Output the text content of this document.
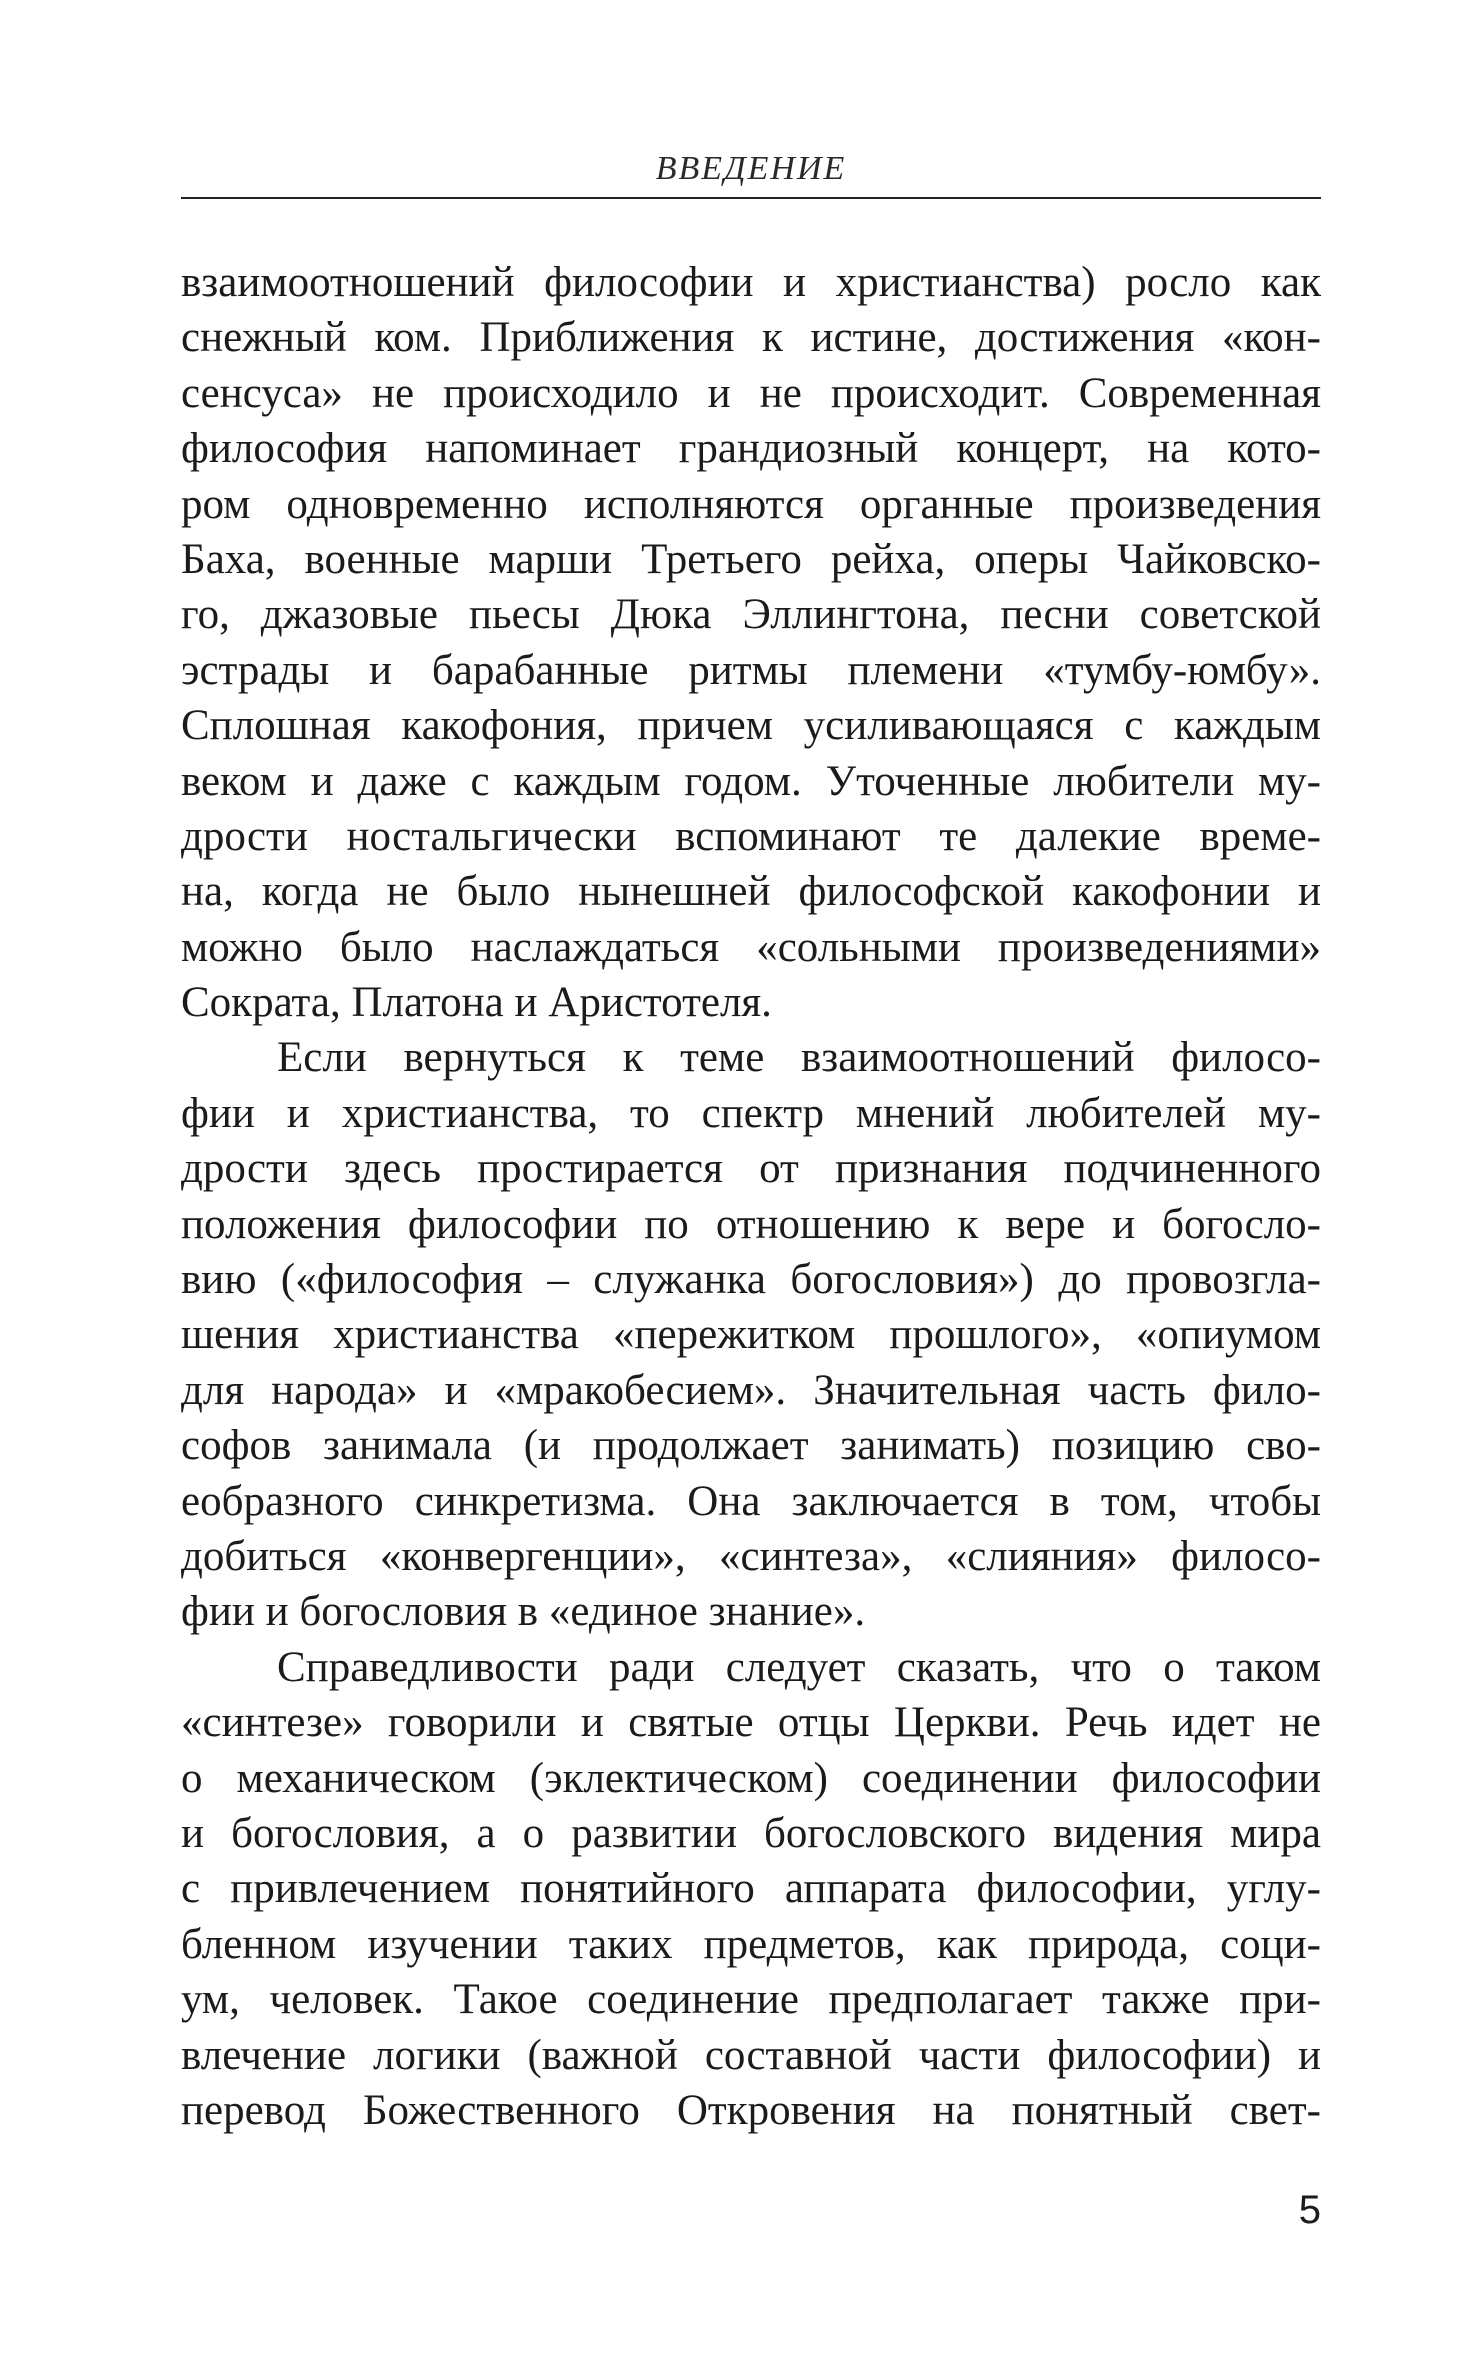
ВВЕДЕНИЕ
взаимоотношений философии и христианства) росло как
снежный ком. Приближения к истине, достижения «кон-
сенсуса» не происходило и не происходит. Современная
философия напоминает грандиозный концерт, на кото-
ром одновременно исполняются органные произведения
Баха, военные марши Третьего рейха, оперы Чайковско-
го, джазовые пьесы Дюка Эллингтона, песни советской
эстрады и барабанные ритмы племени «тумбу-юмбу».
Сплошная какофония, причем усиливающаяся с каждым
веком и даже с каждым годом. Уточенные любители му-
дрости ностальгически вспоминают те далекие време-
на, когда не было нынешней философской какофонии и
можно было наслаждаться «сольными произведениями»
Сократа, Платона и Аристотеля.
Если вернуться к теме взаимоотношений филосо-
фии и христианства, то спектр мнений любителей му-
дрости здесь простирается от признания подчиненного
положения философии по отношению к вере и богосло-
вию («философия – служанка богословия») до провозгла-
шения христианства «пережитком прошлого», «опиумом
для народа» и «мракобесием». Значительная часть фило-
софов занимала (и продолжает занимать) позицию сво-
еобразного синкретизма. Она заключается в том, чтобы
добиться «конвергенции», «синтеза», «слияния» филосо-
фии и богословия в «единое знание».
Справедливости ради следует сказать, что о таком
«синтезе» говорили и святые отцы Церкви. Речь идет не
о механическом (эклектическом) соединении философии
и богословия, а о развитии богословского видения мира
с привлечением понятийного аппарата философии, углу-
бленном изучении таких предметов, как природа, соци-
ум, человек. Такое соединение предполагает также при-
влечение логики (важной составной части философии) и
перевод Божественного Откровения на понятный свет-
5
